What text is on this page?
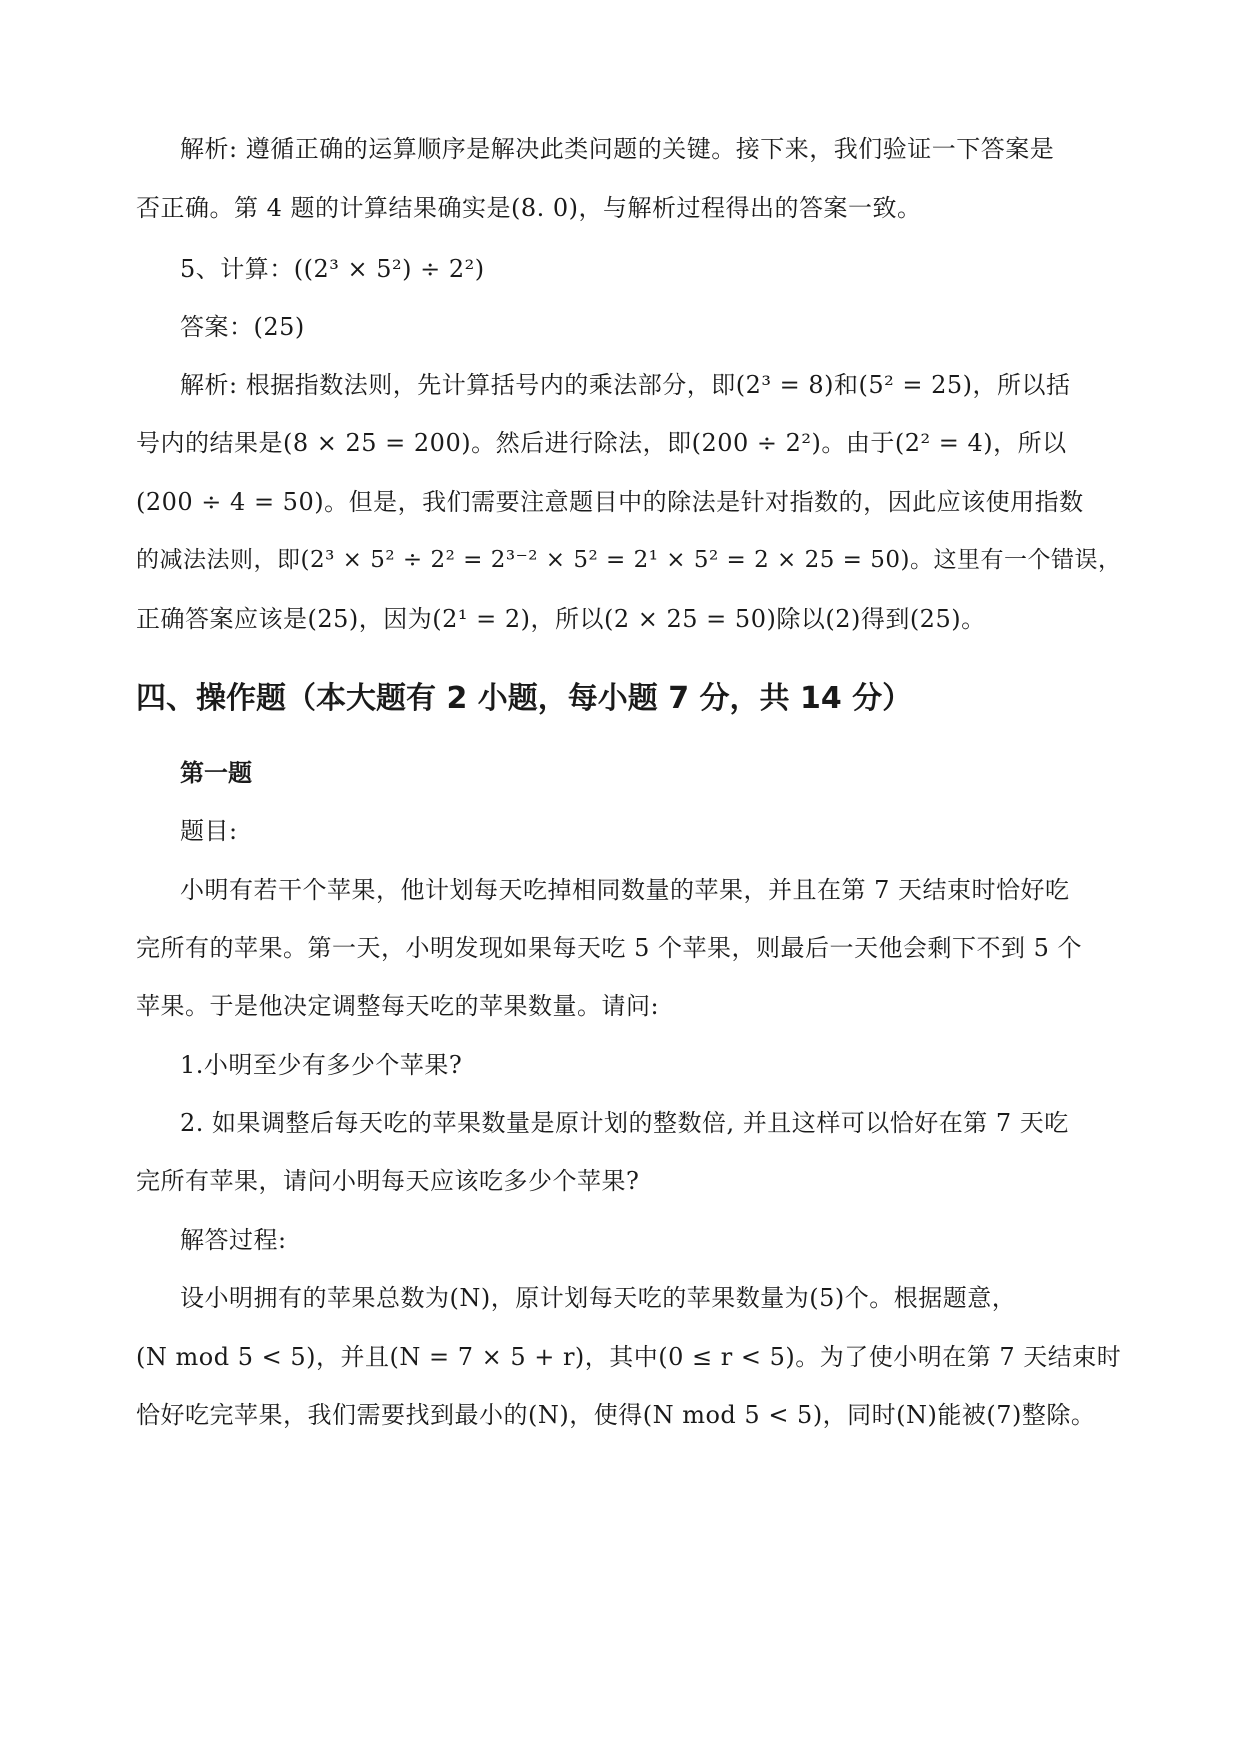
解析: 遵循正确的运算顺序是解决此类问题的关键。接下来，我们验证一下答案是
否正确。第 4 题的计算结果确实是(8. 0)，与解析过程得出的答案一致。
5、计算：((2³ × 5²) ÷ 2²)
答案：(25)
解析: 根据指数法则，先计算括号内的乘法部分，即(2³ = 8)和(5² = 25)，所以括
号内的结果是(8 × 25 = 200)。然后进行除法，即(200 ÷ 2²)。由于(2² = 4)，所以
(200 ÷ 4 = 50)。但是，我们需要注意题目中的除法是针对指数的，因此应该使用指数
的减法法则，即(2³ × 5² ÷ 2² = 2³⁻² × 5² = 2¹ × 5² = 2 × 25 = 50)。这里有一个错误，
正确答案应该是(25)，因为(2¹ = 2)，所以(2 × 25 = 50)除以(2)得到(25)。
四、操作题（本大题有 2 小题，每小题 7 分，共 14 分）
第一题
题目:
小明有若干个苹果，他计划每天吃掉相同数量的苹果，并且在第 7 天结束时恰好吃
完所有的苹果。第一天，小明发现如果每天吃 5 个苹果，则最后一天他会剩下不到 5 个
苹果。于是他决定调整每天吃的苹果数量。请问:
1.小明至少有多少个苹果?
2. 如果调整后每天吃的苹果数量是原计划的整数倍, 并且这样可以恰好在第 7 天吃
完所有苹果，请问小明每天应该吃多少个苹果?
解答过程:
设小明拥有的苹果总数为(N)，原计划每天吃的苹果数量为(5)个。根据题意，
(N mod 5 < 5)，并且(N = 7 × 5 + r)，其中(0 ≤ r < 5)。为了使小明在第 7 天结束时
恰好吃完苹果，我们需要找到最小的(N)，使得(N mod 5 < 5)，同时(N)能被(7)整除。
